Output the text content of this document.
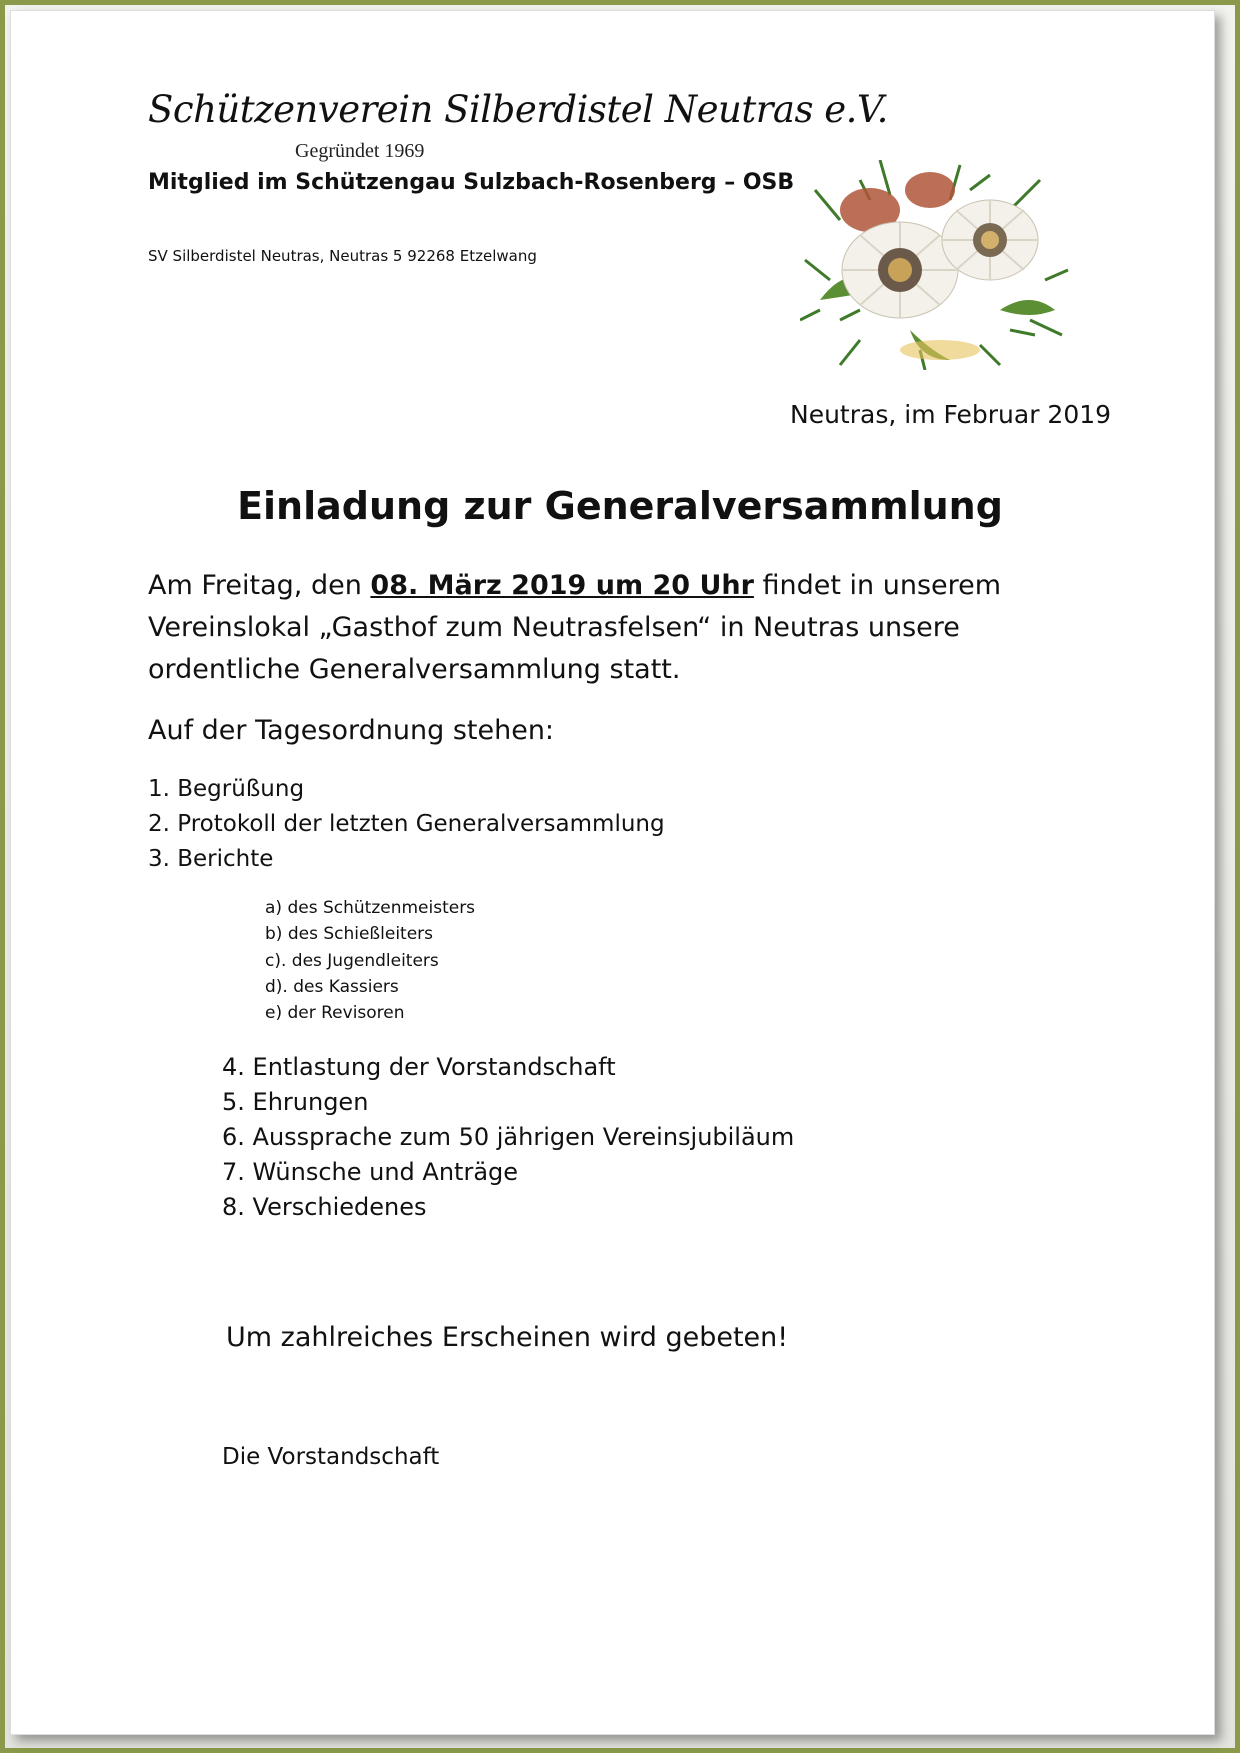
Schützenverein Silberdistel Neutras e.V.
Gegründet 1969
Mitglied im Schützengau Sulzbach-Rosenberg – OSB
SV Silberdistel Neutras, Neutras 5 92268 Etzelwang
Neutras, im Februar 2019
Einladung zur Generalversammlung
Am Freitag, den 08. März 2019 um 20 Uhr findet in unserem
Vereinslokal „Gasthof zum Neutrasfelsen“ in Neutras unsere
ordentliche Generalversammlung statt.
Auf der Tagesordnung stehen:
1. Begrüßung
2. Protokoll der letzten Generalversammlung
3. Berichte
a) des Schützenmeisters
b) des Schießleiters
c). des Jugendleiters
d). des Kassiers
e) der Revisoren
4. Entlastung der Vorstandschaft
5. Ehrungen
6. Aussprache zum 50 jährigen Vereinsjubiläum
7. Wünsche und Anträge
8. Verschiedenes
Um zahlreiches Erscheinen wird gebeten!
Die Vorstandschaft
